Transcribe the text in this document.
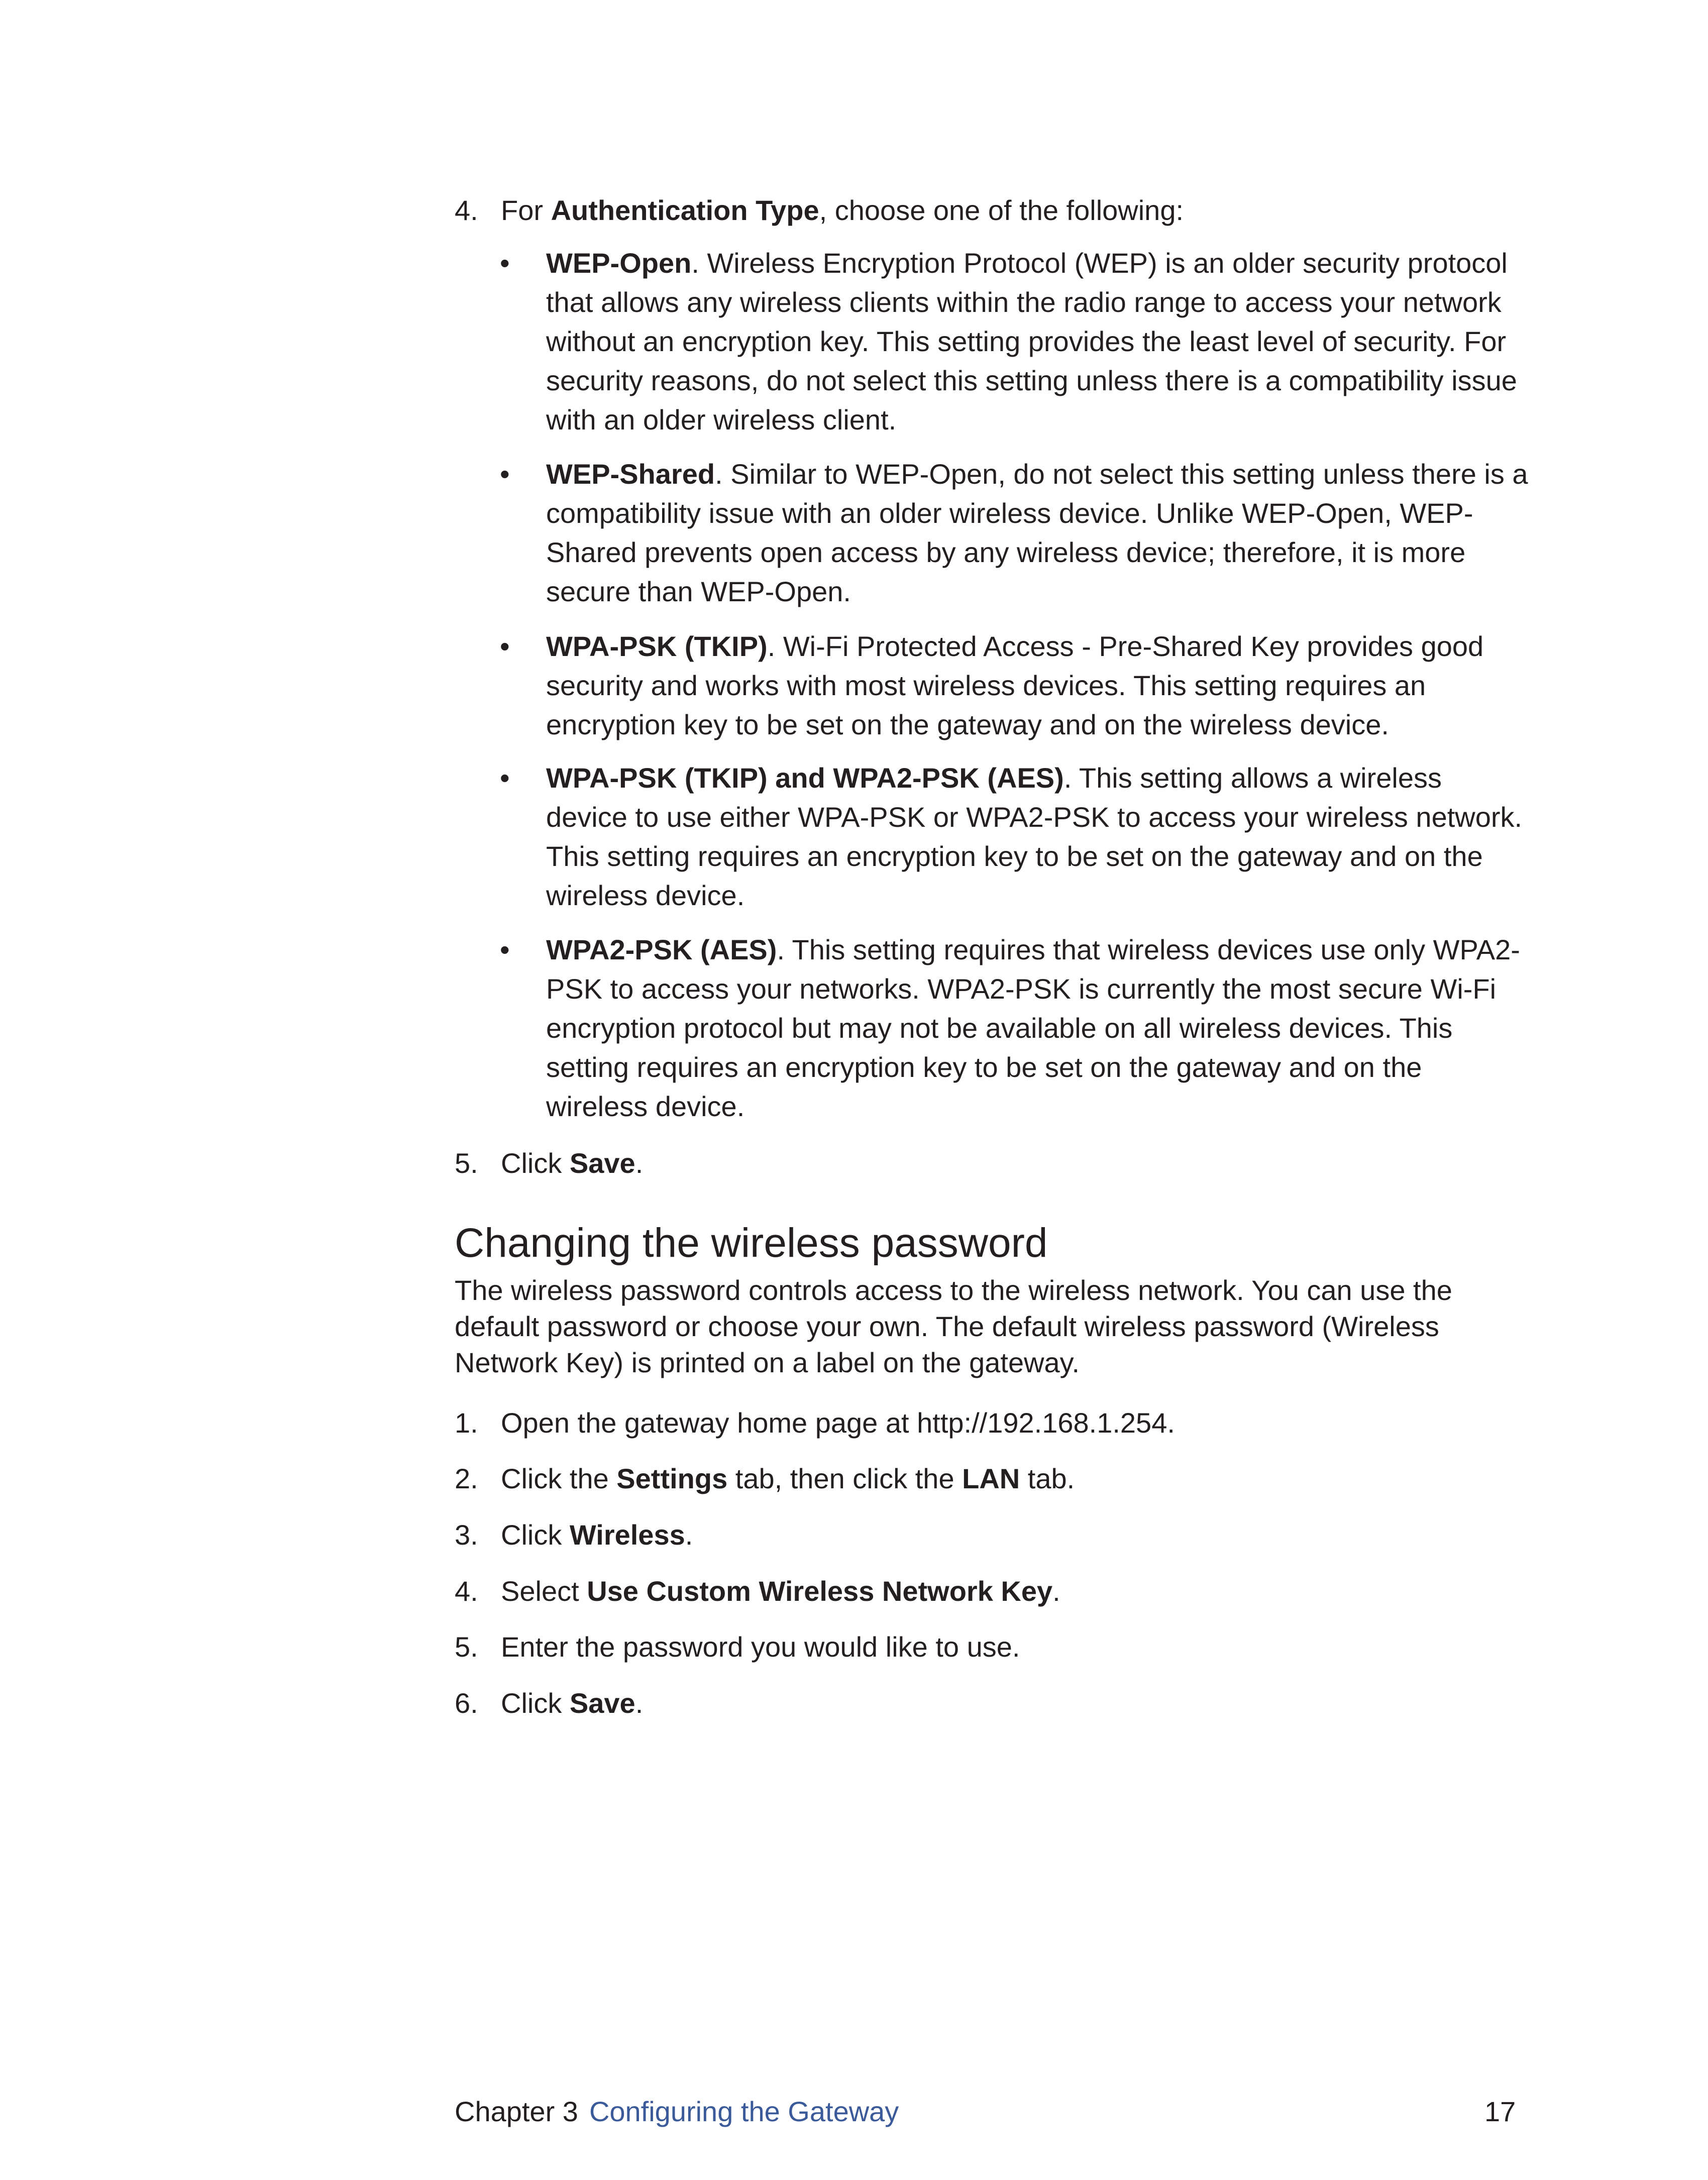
4. For Authentication Type, choose one of the following:
• WEP-Open. Wireless Encryption Protocol (WEP) is an older security protocol
that allows any wireless clients within the radio range to access your network
without an encryption key. This setting provides the least level of security. For
security reasons, do not select this setting unless there is a compatibility issue
with an older wireless client.
• WEP-Shared. Similar to WEP-Open, do not select this setting unless there is a
compatibility issue with an older wireless device. Unlike WEP-Open, WEP-
Shared prevents open access by any wireless device; therefore, it is more
secure than WEP-Open.
• WPA-PSK (TKIP). Wi-Fi Protected Access - Pre-Shared Key provides good
security and works with most wireless devices. This setting requires an
encryption key to be set on the gateway and on the wireless device.
• WPA-PSK (TKIP) and WPA2-PSK (AES). This setting allows a wireless
device to use either WPA-PSK or WPA2-PSK to access your wireless network.
This setting requires an encryption key to be set on the gateway and on the
wireless device.
• WPA2-PSK (AES). This setting requires that wireless devices use only WPA2-
PSK to access your networks. WPA2-PSK is currently the most secure Wi-Fi
encryption protocol but may not be available on all wireless devices. This
setting requires an encryption key to be set on the gateway and on the
wireless device.
5. Click Save.
Changing the wireless password
The wireless password controls access to the wireless network. You can use the
default password or choose your own. The default wireless password (Wireless
Network Key) is printed on a label on the gateway.
1. Open the gateway home page at http://192.168.1.254.
2. Click the Settings tab, then click the LAN tab.
3. Click Wireless.
4. Select Use Custom Wireless Network Key.
5. Enter the password you would like to use.
6. Click Save.
Chapter 3 Configuring the Gateway	17
